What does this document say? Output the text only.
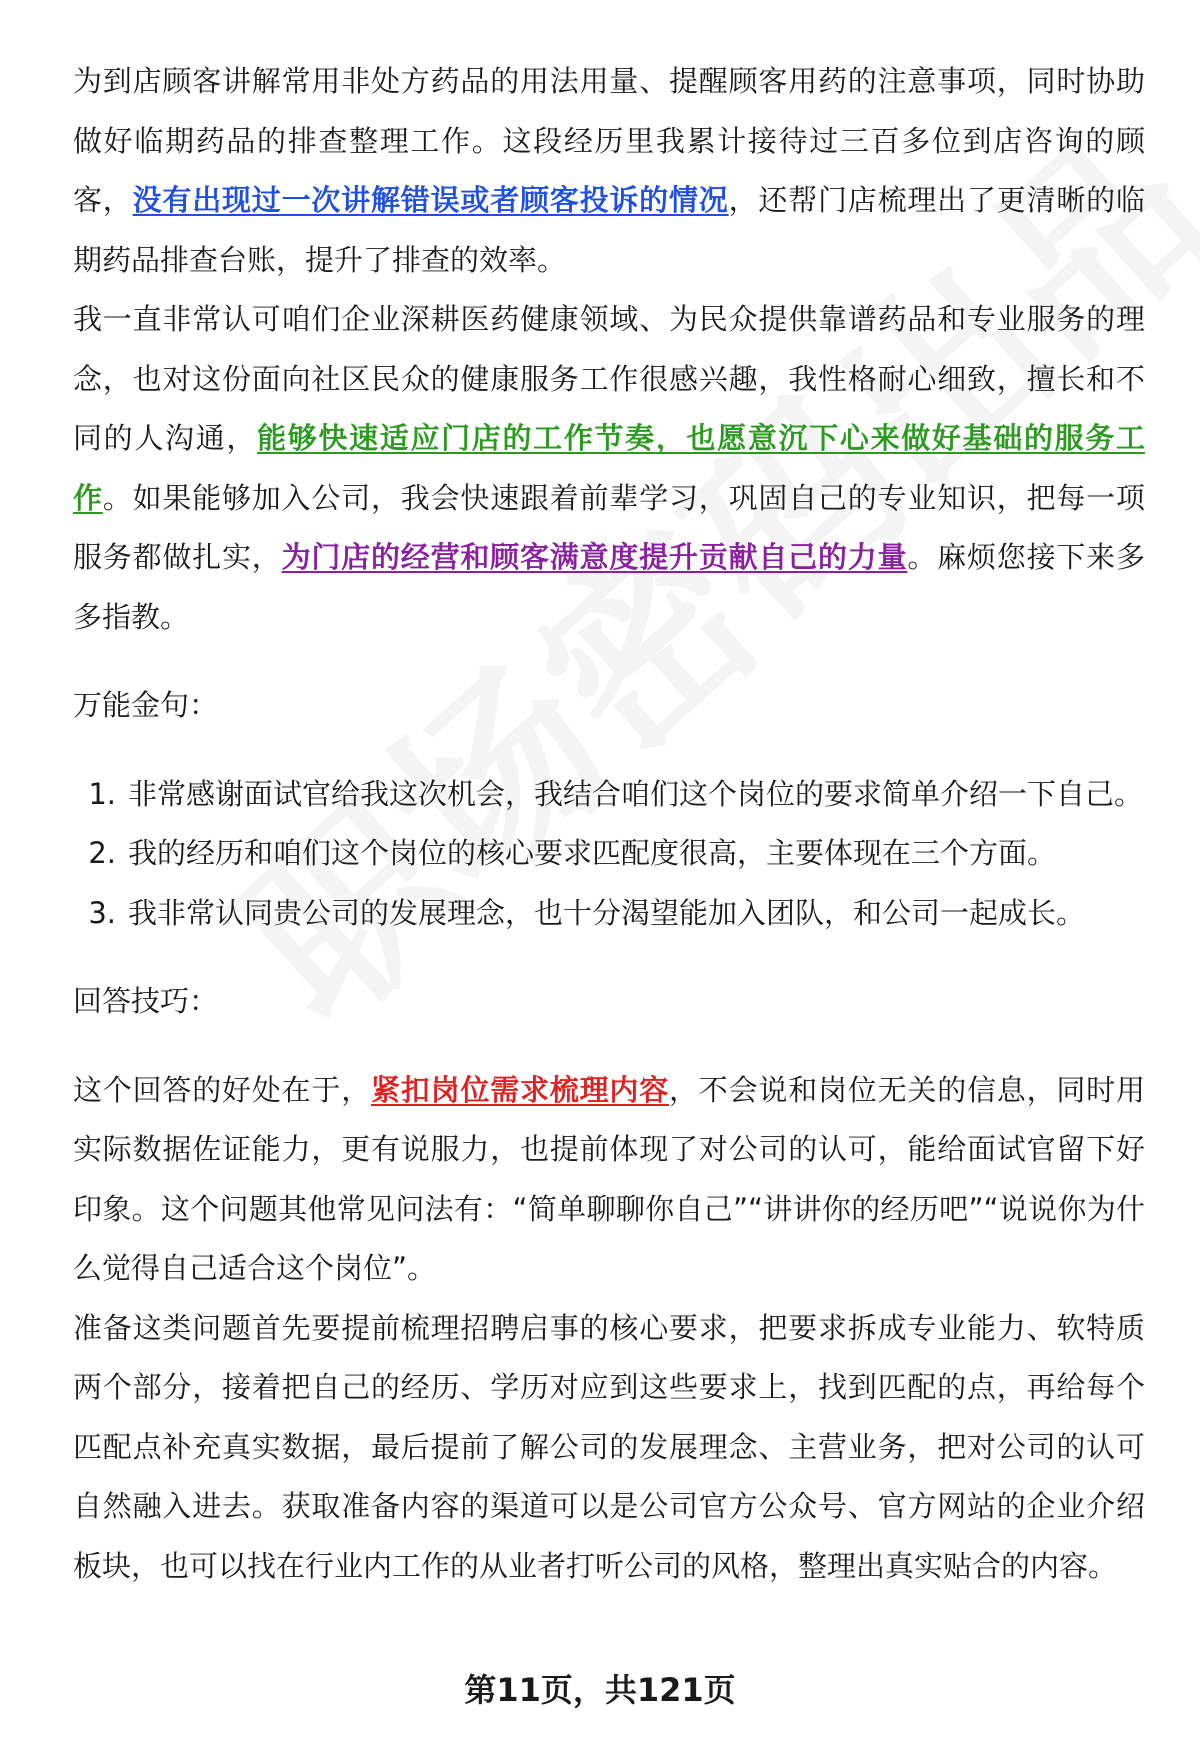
为到店顾客讲解常用非处方药品的用法用量、提醒顾客用药的注意事项，同时协助做好临期药品的排查整理工作。这段经历里我累计接待过三百多位到店咨询的顾客，没有出现过一次讲解错误或者顾客投诉的情况，还帮门店梳理出了更清晰的临期药品排查台账，提升了排查的效率。

我一直非常认可咱们企业深耕医药健康领域、为民众提供靠谱药品和专业服务的理念，也对这份面向社区民众的健康服务工作很感兴趣，我性格耐心细致，擅长和不同的人沟通，能够快速适应门店的工作节奏，也愿意沉下心来做好基础的服务工作。如果能够加入公司，我会快速跟着前辈学习，巩固自己的专业知识，把每一项服务都做扎实，为门店的经营和顾客满意度提升贡献自己的力量。麻烦您接下来多多指教。

万能金句：

1. 非常感谢面试官给我这次机会，我结合咱们这个岗位的要求简单介绍一下自己。
2. 我的经历和咱们这个岗位的核心要求匹配度很高，主要体现在三个方面。
3. 我非常认同贵公司的发展理念，也十分渴望能加入团队，和公司一起成长。

回答技巧：

这个回答的好处在于，紧扣岗位需求梳理内容，不会说和岗位无关的信息，同时用实际数据佐证能力，更有说服力，也提前体现了对公司的认可，能给面试官留下好印象。这个问题其他常见问法有：“简单聊聊你自己”“讲讲你的经历吧”“说说你为什么觉得自己适合这个岗位”。

准备这类问题首先要提前梳理招聘启事的核心要求，把要求拆成专业能力、软特质两个部分，接着把自己的经历、学历对应到这些要求上，找到匹配的点，再给每个匹配点补充真实数据，最后提前了解公司的发展理念、主营业务，把对公司的认可自然融入进去。获取准备内容的渠道可以是公司官方公众号、官方网站的企业介绍板块，也可以找在行业内工作的从业者打听公司的风格，整理出真实贴合的内容。

第11页，共121页
